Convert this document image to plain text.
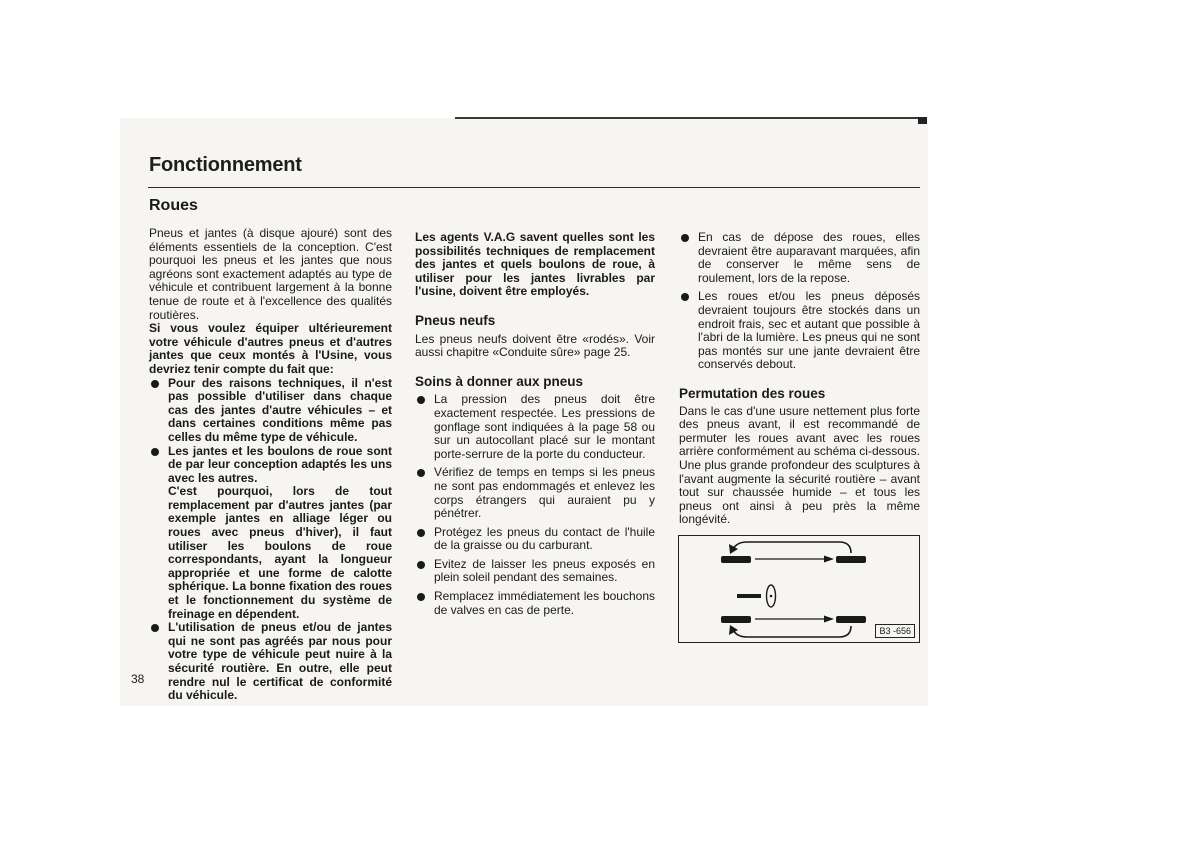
Fonctionnement
Roues

Pneus et jantes (à disque ajouré) sont des éléments essentiels de la conception. C'est pourquoi les pneus et les jantes que nous agréons sont exactement adaptés au type de véhicule et contribuent largement à la bonne tenue de route et à l'excellence des qualités routières.

Si vous voulez équiper ultérieurement votre véhicule d'autres pneus et d'autres jantes que ceux montés à l'Usine, vous devriez tenir compte du fait que:

Pour des raisons techniques, il n'est pas possible d'utiliser dans chaque cas des jantes d'autre véhicules – et dans certaines conditions même pas celles du même type de véhicule.
Les jantes et les boulons de roue sont de par leur conception adaptés les uns avec les autres.
C'est pourquoi, lors de tout remplacement par d'autres jantes (par exemple jantes en alliage léger ou roues avec pneus d'hiver), il faut utiliser les boulons de roue correspondants, ayant la longueur appropriée et une forme de calotte sphérique. La bonne fixation des roues et le fonctionnement du système de freinage en dépendent.
L'utilisation de pneus et/ou de jantes qui ne sont pas agréés par nous pour votre type de véhicule peut nuire à la sécurité routière. En outre, elle peut rendre nul le certificat de conformité du véhicule.
38

Les agents V.A.G savent quelles sont les possibilités techniques de remplacement des jantes et quels boulons de roue, à utiliser pour les jantes livrables par l'usine, doivent être employés.

Pneus neufs

Les pneus neufs doivent être «rodés». Voir aussi chapitre «Conduite sûre» page 25.

Soins à donner aux pneus
La pression des pneus doit être exactement respectée. Les pressions de gonflage sont indiquées à la page 58 ou sur un autocollant placé sur le montant porte-serrure de la porte du conducteur.
Vérifiez de temps en temps si les pneus ne sont pas endommagés et enlevez les corps étrangers qui auraient pu y pénétrer.
Protégez les pneus du contact de l'huile de la graisse ou du carburant.
Evitez de laisser les pneus exposés en plein soleil pendant des semaines.
Remplacez immédiatement les bouchons de valves en cas de perte.
En cas de dépose des roues, elles devraient être auparavant marquées, afin de conserver le même sens de roulement, lors de la repose.
Les roues et/ou les pneus déposés devraient toujours être stockés dans un endroit frais, sec et autant que possible à l'abri de la lumière. Les pneus qui ne sont pas montés sur une jante devraient être conservés debout.
Permutation des roues

Dans le cas d'une usure nettement plus forte des pneus avant, il est recommandé de permuter les roues avant avec les roues arrière conformément au schéma ci-dessous. Une plus grande profondeur des sculptures à l'avant augmente la sécurité routière – avant tout sur chaussée humide – et tous les pneus ont ainsi à peu près la même longévité.

B3 -656
